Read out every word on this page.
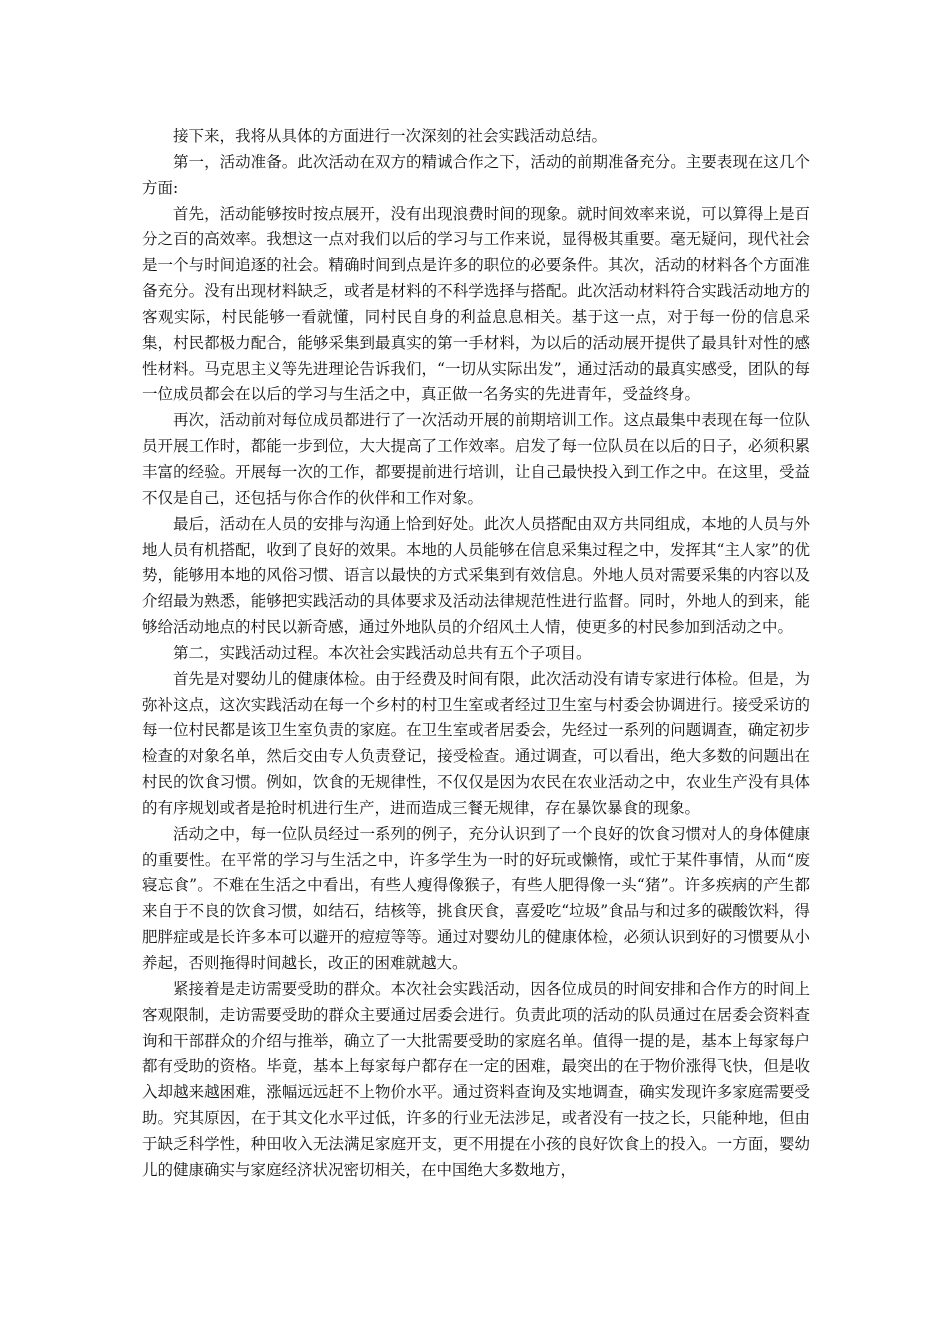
接下来，我将从具体的方面进行一次深刻的社会实践活动总结。

第一，活动准备。此次活动在双方的精诚合作之下，活动的前期准备充分。主要表现在这几个方面:

首先，活动能够按时按点展开，没有出现浪费时间的现象。就时间效率来说，可以算得上是百分之百的高效率。我想这一点对我们以后的学习与工作来说，显得极其重要。毫无疑问，现代社会是一个与时间追逐的社会。精确时间到点是许多的职位的必要条件。其次，活动的材料各个方面准备充分。没有出现材料缺乏，或者是材料的不科学选择与搭配。此次活动材料符合实践活动地方的客观实际，村民能够一看就懂，同村民自身的利益息息相关。基于这一点，对于每一份的信息采集，村民都极力配合，能够采集到最真实的第一手材料，为以后的活动展开提供了最具针对性的感性材料。马克思主义等先进理论告诉我们，“一切从实际出发”，通过活动的最真实感受，团队的每一位成员都会在以后的学习与生活之中，真正做一名务实的先进青年，受益终身。

再次，活动前对每位成员都进行了一次活动开展的前期培训工作。这点最集中表现在每一位队员开展工作时，都能一步到位，大大提高了工作效率。启发了每一位队员在以后的日子，必须积累丰富的经验。开展每一次的工作，都要提前进行培训，让自己最快投入到工作之中。在这里，受益不仅是自己，还包括与你合作的伙伴和工作对象。

最后，活动在人员的安排与沟通上恰到好处。此次人员搭配由双方共同组成，本地的人员与外地人员有机搭配，收到了良好的效果。本地的人员能够在信息采集过程之中，发挥其“主人家”的优势，能够用本地的风俗习惯、语言以最快的方式采集到有效信息。外地人员对需要采集的内容以及介绍最为熟悉，能够把实践活动的具体要求及活动法律规范性进行监督。同时，外地人的到来，能够给活动地点的村民以新奇感，通过外地队员的介绍风土人情，使更多的村民参加到活动之中。

第二，实践活动过程。本次社会实践活动总共有五个子项目。

首先是对婴幼儿的健康体检。由于经费及时间有限，此次活动没有请专家进行体检。但是，为弥补这点，这次实践活动在每一个乡村的村卫生室或者经过卫生室与村委会协调进行。接受采访的每一位村民都是该卫生室负责的家庭。在卫生室或者居委会，先经过一系列的问题调查，确定初步检查的对象名单，然后交由专人负责登记，接受检查。通过调查，可以看出，绝大多数的问题出在村民的饮食习惯。例如，饮食的无规律性，不仅仅是因为农民在农业活动之中，农业生产没有具体的有序规划或者是抢时机进行生产，进而造成三餐无规律，存在暴饮暴食的现象。

活动之中，每一位队员经过一系列的例子，充分认识到了一个良好的饮食习惯对人的身体健康的重要性。在平常的学习与生活之中，许多学生为一时的好玩或懒惰，或忙于某件事情，从而“废寝忘食”。不难在生活之中看出，有些人瘦得像猴子，有些人肥得像一头“猪”。许多疾病的产生都来自于不良的饮食习惯，如结石，结核等，挑食厌食，喜爱吃“垃圾”食品与和过多的碳酸饮料，得肥胖症或是长许多本可以避开的痘痘等等。通过对婴幼儿的健康体检，必须认识到好的习惯要从小养起，否则拖得时间越长，改正的困难就越大。

紧接着是走访需要受助的群众。本次社会实践活动，因各位成员的时间安排和合作方的时间上客观限制，走访需要受助的群众主要通过居委会进行。负责此项的活动的队员通过在居委会资料查询和干部群众的介绍与推举，确立了一大批需要受助的家庭名单。值得一提的是，基本上每家每户都有受助的资格。毕竟，基本上每家每户都存在一定的困难，最突出的在于物价涨得飞快，但是收入却越来越困难，涨幅远远赶不上物价水平。通过资料查询及实地调查，确实发现许多家庭需要受助。究其原因，在于其文化水平过低，许多的行业无法涉足，或者没有一技之长，只能种地，但由于缺乏科学性，种田收入无法满足家庭开支，更不用提在小孩的良好饮食上的投入。一方面，婴幼儿的健康确实与家庭经济状况密切相关，在中国绝大多数地方，
